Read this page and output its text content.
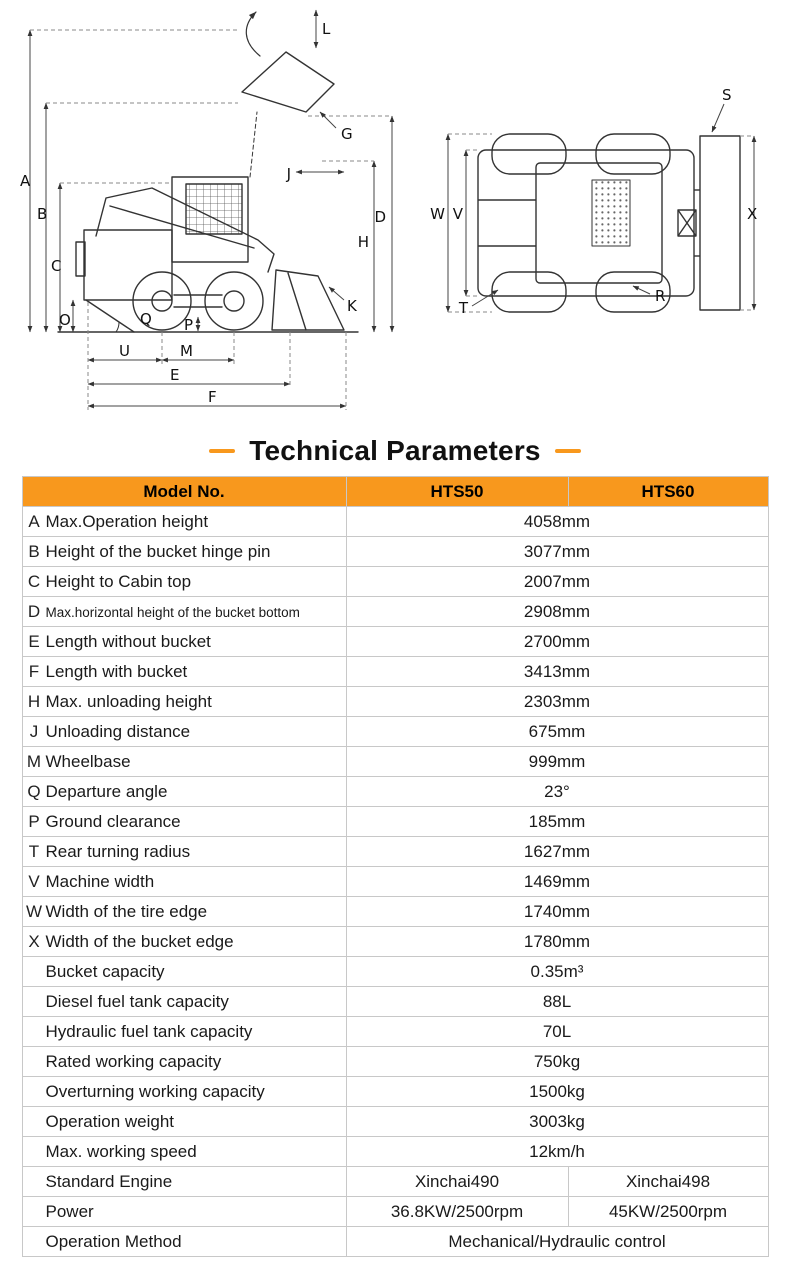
A
B
C
O
D
H
G
J
K
L
P
Q
U	M
E
F
S
W V	X
T
R
Technical Parameters
Model No.	HTS50	HTS60
A Max.Operation height	4058mm	
B Height of the bucket hinge pin	3077mm	
C Height to Cabin top	2007mm	
D Max.horizontal height of the bucket bottom	2908mm	
E Length without bucket	2700mm	
F Length with bucket	3413mm	
H Max. unloading height	2303mm	
J Unloading distance	675mm	
M Wheelbase	999mm	
Q Departure angle	23°	
P Ground clearance	185mm	
T Rear turning radius	1627mm	
V Machine width	1469mm	
W Width of the tire edge	1740mm	
X Width of the bucket edge	1780mm	
Bucket capacity	0.35m³	
Diesel fuel tank capacity	88L	
Hydraulic fuel tank capacity	70L	
Rated working capacity	750kg	
Overturning working capacity	1500kg	
Operation weight	3003kg	
Max. working speed	12km/h	
Standard Engine	Xinchai490	Xinchai498
Power	36.8KW/2500rpm	45KW/2500rpm
Operation Method	Mechanical/Hydraulic control	
